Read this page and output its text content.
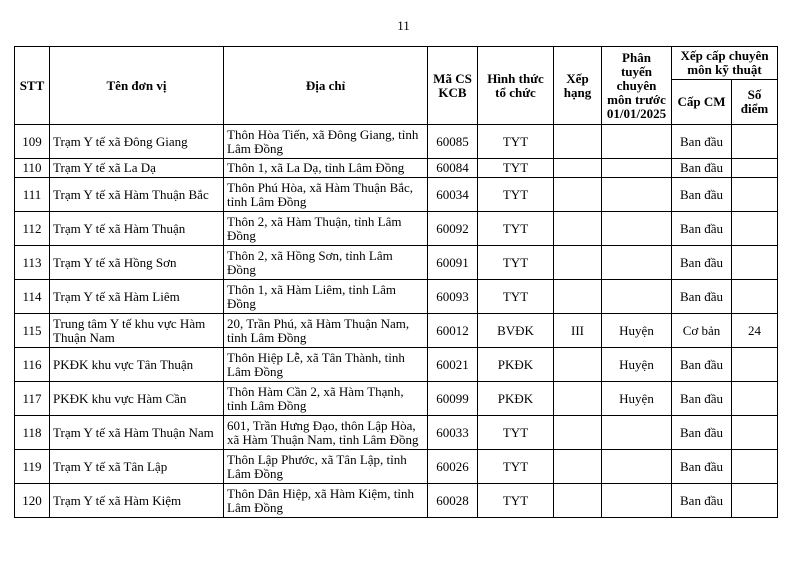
11
STT	Tên đơn vị	Địa chỉ	Mã CS KCB	Hình thức tổ chức	Xếp hạng	Phân tuyến chuyên môn trước 01/01/2025	Xếp cấp chuyên môn kỹ thuật	
							Cấp CM	Số điểm
109	Trạm Y tế xã Đông Giang	Thôn Hòa Tiến, xã Đông Giang, tỉnh Lâm Đồng	60085	TYT			Ban đầu	
110	Trạm Y tế xã La Dạ	Thôn 1, xã La Dạ, tỉnh Lâm Đồng	60084	TYT			Ban đầu	
111	Trạm Y tế xã Hàm Thuận Bắc	Thôn Phú Hòa, xã Hàm Thuận Bắc, tỉnh Lâm Đồng	60034	TYT			Ban đầu	
112	Trạm Y tế xã Hàm Thuận	Thôn 2, xã Hàm Thuận, tỉnh Lâm Đồng	60092	TYT			Ban đầu	
113	Trạm Y tế xã Hồng Sơn	Thôn 2, xã Hồng Sơn, tỉnh Lâm Đồng	60091	TYT			Ban đầu	
114	Trạm Y tế xã Hàm Liêm	Thôn 1, xã Hàm Liêm, tỉnh Lâm Đồng	60093	TYT			Ban đầu	
115	Trung tâm Y tế khu vực Hàm Thuận Nam	20, Trần Phú, xã Hàm Thuận Nam, tỉnh Lâm Đồng	60012	BVĐK	III	Huyện	Cơ bản	24
116	PKĐK khu vực Tân Thuận	Thôn Hiệp Lễ, xã Tân Thành, tỉnh Lâm Đồng	60021	PKĐK		Huyện	Ban đầu	
117	PKĐK khu vực Hàm Cần	Thôn Hàm Cần 2, xã Hàm Thạnh, tỉnh Lâm Đồng	60099	PKĐK		Huyện	Ban đầu	
118	Trạm Y tế xã Hàm Thuận Nam	601, Trần Hưng Đạo, thôn Lập Hòa, xã Hàm Thuận Nam, tỉnh Lâm Đồng	60033	TYT			Ban đầu	
119	Trạm Y tế xã Tân Lập	Thôn Lập Phước, xã Tân Lập, tỉnh Lâm Đồng	60026	TYT			Ban đầu	
120	Trạm Y tế xã Hàm Kiệm	Thôn Dân Hiệp, xã Hàm Kiệm, tỉnh Lâm Đồng	60028	TYT			Ban đầu	
